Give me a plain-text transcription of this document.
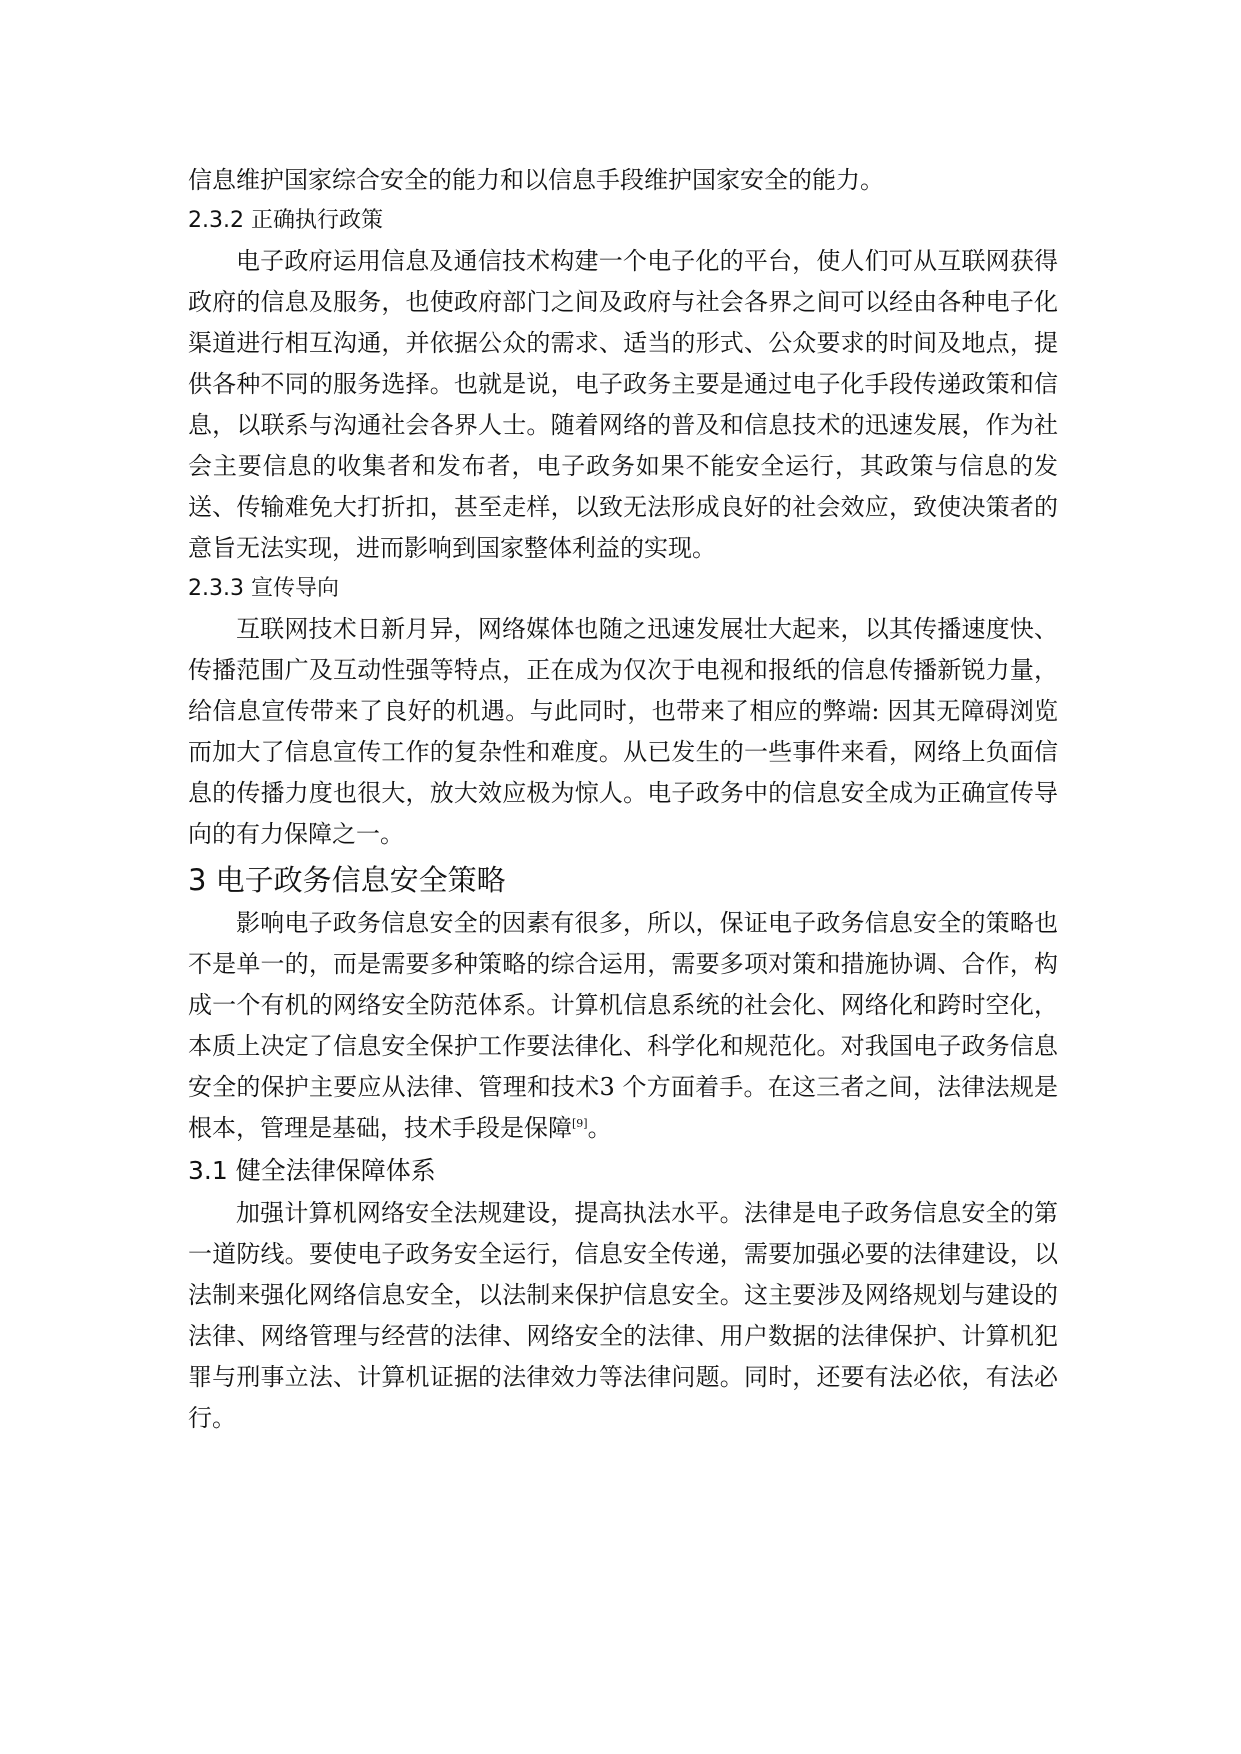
信息维护国家综合安全的能力和以信息手段维护国家安全的能力。

2.3.2 正确执行政策

电子政府运用信息及通信技术构建一个电子化的平台，使人们可从互联网获得政府的信息及服务，也使政府部门之间及政府与社会各界之间可以经由各种电子化渠道进行相互沟通，并依据公众的需求、适当的形式、公众要求的时间及地点，提供各种不同的服务选择。也就是说，电子政务主要是通过电子化手段传递政策和信息，以联系与沟通社会各界人士。随着网络的普及和信息技术的迅速发展，作为社会主要信息的收集者和发布者，电子政务如果不能安全运行，其政策与信息的发送、传输难免大打折扣，甚至走样，以致无法形成良好的社会效应，致使决策者的意旨无法实现，进而影响到国家整体利益的实现。

2.3.3 宣传导向

互联网技术日新月异，网络媒体也随之迅速发展壮大起来，以其传播速度快、传播范围广及互动性强等特点，正在成为仅次于电视和报纸的信息传播新锐力量，给信息宣传带来了良好的机遇。与此同时，也带来了相应的弊端: 因其无障碍浏览而加大了信息宣传工作的复杂性和难度。从已发生的一些事件来看，网络上负面信息的传播力度也很大，放大效应极为惊人。电子政务中的信息安全成为正确宣传导向的有力保障之一。

3 电子政务信息安全策略

影响电子政务信息安全的因素有很多，所以，保证电子政务信息安全的策略也不是单一的，而是需要多种策略的综合运用，需要多项对策和措施协调、合作，构成一个有机的网络安全防范体系。计算机信息系统的社会化、网络化和跨时空化，本质上决定了信息安全保护工作要法律化、科学化和规范化。对我国电子政务信息安全的保护主要应从法律、管理和技术3 个方面着手。在这三者之间，法律法规是根本，管理是基础，技术手段是保障[9]。

3.1 健全法律保障体系

加强计算机网络安全法规建设，提高执法水平。法律是电子政务信息安全的第一道防线。要使电子政务安全运行，信息安全传递，需要加强必要的法律建设，以法制来强化网络信息安全，以法制来保护信息安全。这主要涉及网络规划与建设的法律、网络管理与经营的法律、网络安全的法律、用户数据的法律保护、计算机犯罪与刑事立法、计算机证据的法律效力等法律问题。同时，还要有法必依，有法必行。
